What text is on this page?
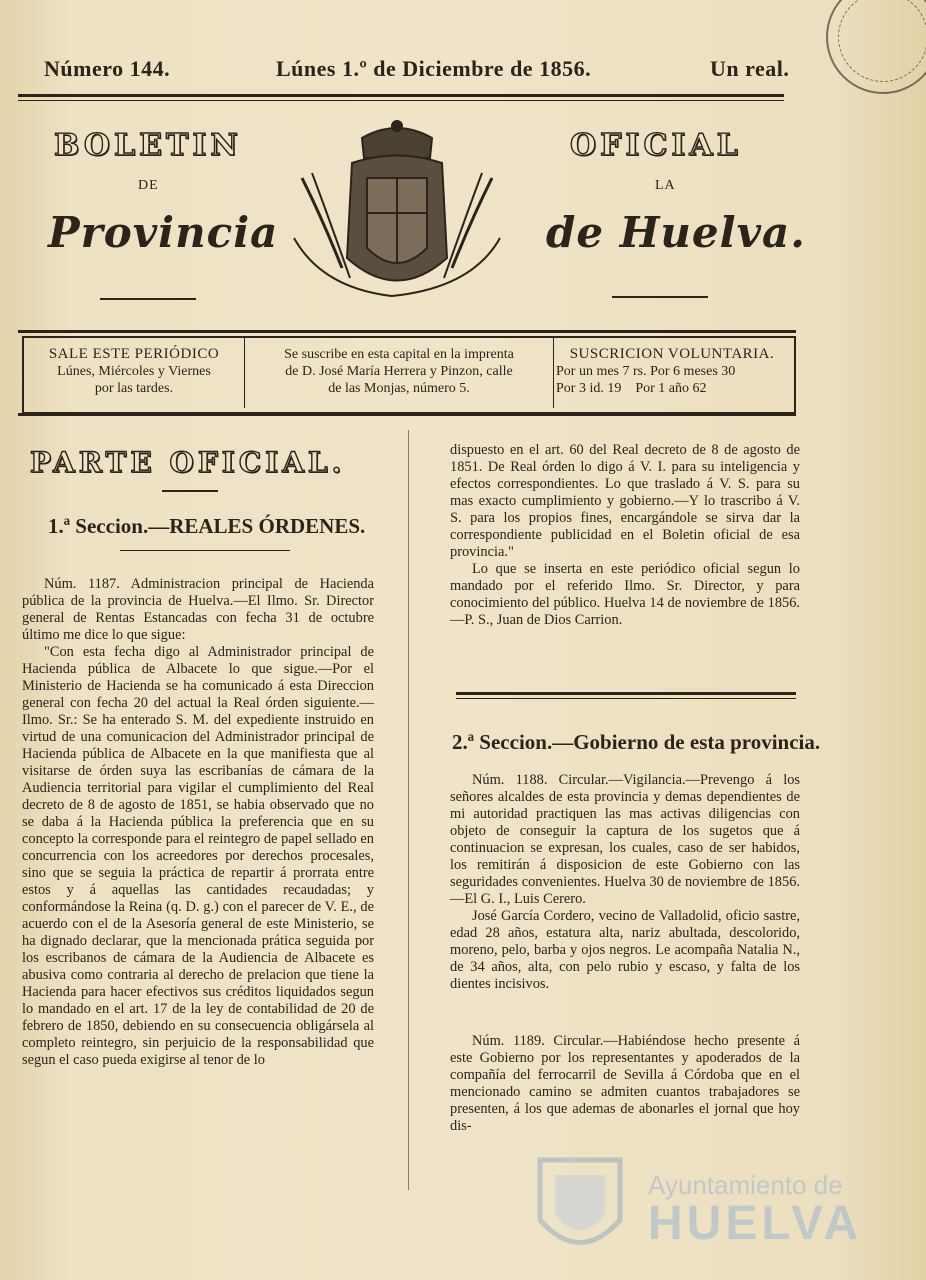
Número 144.	Lúnes 1.º de Diciembre de 1856.	Un real.
BOLETIN
DE
Provincia
OFICIAL
LA
de Huelva.
SALE ESTE PERIÓDICO
Lúnes, Miércoles y Viernes
por las tardes.
Se suscribe en esta capital en la imprenta
de D. José María Herrera y Pinzon, calle
de las Monjas, número 5.
SUSCRICION VOLUNTARIA.
Por un mes 7 rs. Por 6 meses 30
Por 3 id. 19    Por 1 año 62
PARTE OFICIAL.
1.ª Seccion.—REALES ÓRDENES.

Núm. 1187. Administracion principal de Hacienda pública de la provincia de Huelva.—El Ilmo. Sr. Director general de Rentas Estancadas con fecha 31 de octubre último me dice lo que sigue:

"Con esta fecha digo al Administrador principal de Hacienda pública de Albacete lo que sigue.—Por el Ministerio de Hacienda se ha comunicado á esta Direccion general con fecha 20 del actual la Real órden siguiente.—Ilmo. Sr.: Se ha enterado S. M. del expediente instruido en virtud de una comunicacion del Administrador principal de Hacienda pública de Albacete en la que manifiesta que al visitarse de órden suya las escribanías de cámara de la Audiencia territorial para vigilar el cumplimiento del Real decreto de 8 de agosto de 1851, se habia observado que no se daba á la Hacienda pública la preferencia que en su concepto la corresponde para el reintegro de papel sellado en concurrencia con los acreedores por derechos procesales, sino que se seguia la práctica de repartir á prorrata entre estos y á aquellas las cantidades recaudadas; y conformándose la Reina (q. D. g.) con el parecer de V. E., de acuerdo con el de la Asesoría general de este Ministerio, se ha dignado declarar, que la mencionada prática seguida por los escribanos de cámara de la Audiencia de Albacete es abusiva como contraria al derecho de prelacion que tiene la Hacienda para hacer efectivos sus créditos liquidados segun lo mandado en el art. 17 de la ley de contabilidad de 20 de febrero de 1850, debiendo en su consecuencia obligársela al completo reintegro, sin perjuicio de la responsabilidad que segun el caso pueda exigirse al tenor de lo

dispuesto en el art. 60 del Real decreto de 8 de agosto de 1851. De Real órden lo digo á V. I. para su inteligencia y efectos correspondientes. Lo que traslado á V. S. para su mas exacto cumplimiento y gobierno.—Y lo trascribo á V. S. para los propios fines, encargándole se sirva dar la correspondiente publicidad en el Boletin oficial de esa provincia."

Lo que se inserta en este periódico oficial segun lo mandado por el referido Ilmo. Sr. Director, y para conocimiento del público. Huelva 14 de noviembre de 1856.—P. S., Juan de Dios Carrion.

2.ª Seccion.—Gobierno de esta provincia.

Núm. 1188. Circular.—Vigilancia.—Prevengo á los señores alcaldes de esta provincia y demas dependientes de mi autoridad practiquen las mas activas diligencias con objeto de conseguir la captura de los sugetos que á continuacion se expresan, los cuales, caso de ser habidos, los remitirán á disposicion de este Gobierno con las seguridades convenientes. Huelva 30 de noviembre de 1856.—El G. I., Luis Cerero.

José García Cordero, vecino de Valladolid, oficio sastre, edad 28 años, estatura alta, nariz abultada, descolorido, moreno, pelo, barba y ojos negros. Le acompaña Natalia N., de 34 años, alta, con pelo rubio y escaso, y falta de los dientes incisivos.

Núm. 1189. Circular.—Habiéndose hecho presente á este Gobierno por los representantes y apoderados de la compañía del ferrocarril de Sevilla á Córdoba que en el mencionado camino se admiten cuantos trabajadores se presenten, á los que ademas de abonarles el jornal que hoy dis-

Ayuntamiento de
HUELVA
